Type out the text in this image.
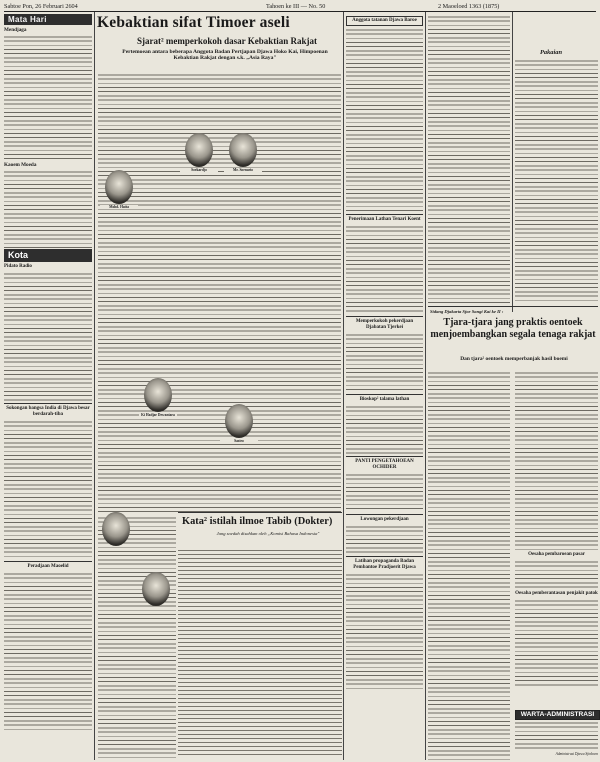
Sabtoe Pon, 26 Februari 2604	Tahoen ke III — No. 50	2 Maoeloed 1363 (1875)
Mata Hari
Mendjaga
Kaoem Moeda
Kota
Pidato Radio
Sokongan bangsa India di Djawa besar berdarah-tiba
Peradjaan Maoelid
Kebaktian sifat Timoer aseli
Sjarat² memperkokoh dasar Kebaktian Rakjat
Pertemoean antara beberapa Anggota Badan Pertjapan Djawa Hoko Kai, Himpoenan Kebaktian Rakjat dengan s.k. „Asia Raya"
Mohd. Hatta
Soekardjo	Mr. Soenario
Ki Hadjar Dewantara
Sastro
Kata² istilah ilmoe Tabib (Dokter)
Jang soedah disahkan oleh „Komisi Bahasa Indonesia"
Anggota tatanan Djawa Baroe
Penerimaan Lathan Tenari Koent
Memperkokoh pekerdjaan Djabatan Tjerkei
Bioskop² talama lathan
PANTI PENGETAHOEAN OCHIDER
Lowongan pekerdjaan
Latihan propaganda Badan Pembantoe Pradjoerit Djawa
Pakaian
Sidang Djakarta Sjoe Sangi Kai ke II :
Tjara-tjara jang praktis oentoek menjoembangkan segala tenaga rakjat
Dan tjara² oentoek memperbanjak hasil boemi
Oesaha pembaroean pasar
Oesaha pemberantasan penjakit patok
WARTA-ADMINISTRASI
Administrasi Djawa Sjinboen
